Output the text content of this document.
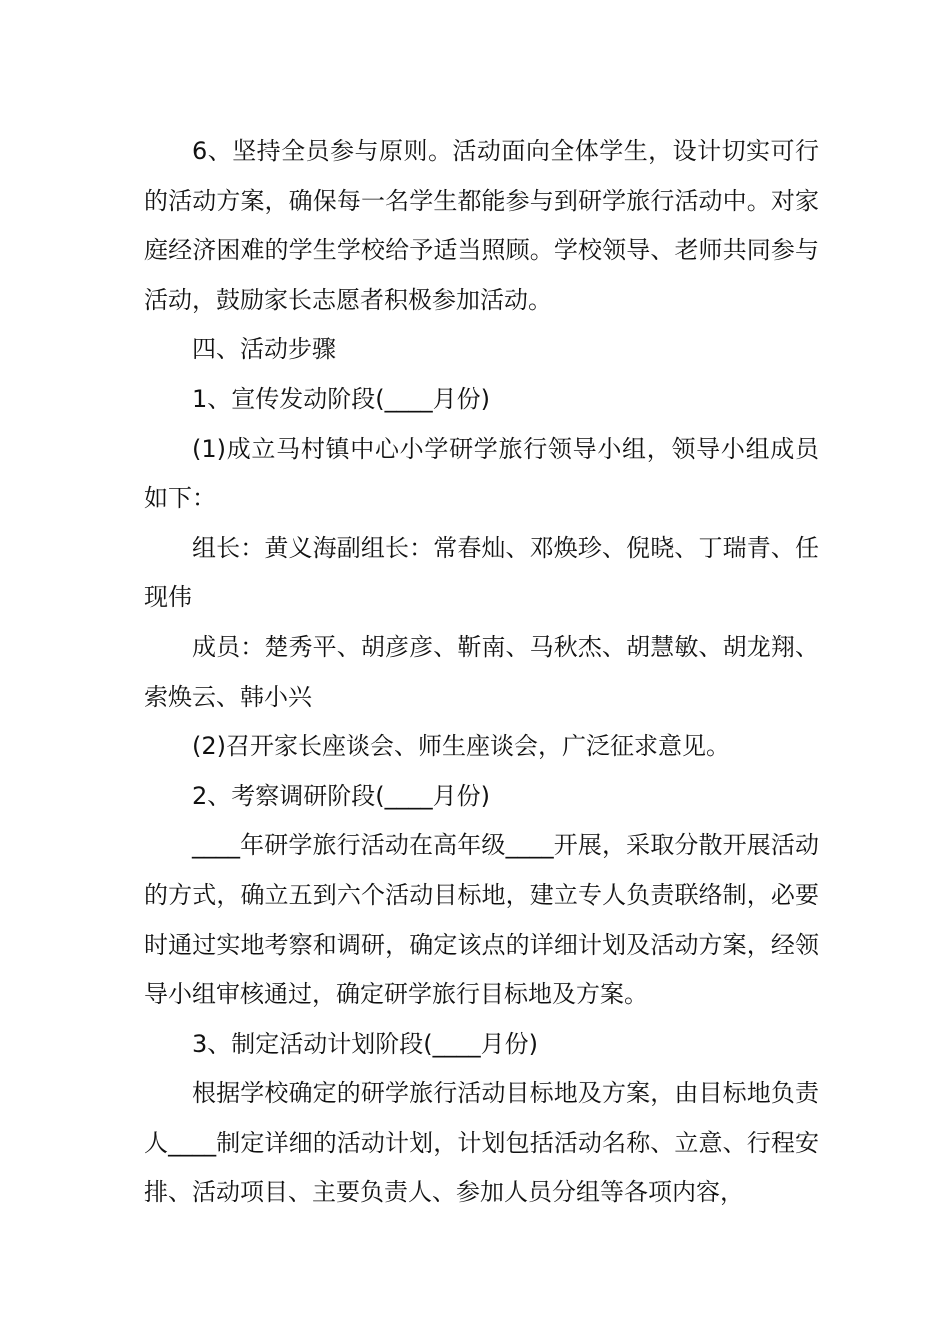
6、坚持全员参与原则。活动面向全体学生，设计切实可行的活动方案，确保每一名学生都能参与到研学旅行活动中。对家庭经济困难的学生学校给予适当照顾。学校领导、老师共同参与活动，鼓励家长志愿者积极参加活动。

四、活动步骤

1、宣传发动阶段(____月份)

(1)成立马村镇中心小学研学旅行领导小组，领导小组成员如下：

组长：黄义海副组长：常春灿、邓焕珍、倪晓、丁瑞青、任现伟

成员：楚秀平、胡彦彦、靳南、马秋杰、胡慧敏、胡龙翔、索焕云、韩小兴

(2)召开家长座谈会、师生座谈会，广泛征求意见。

2、考察调研阶段(____月份)

____年研学旅行活动在高年级____开展，采取分散开展活动的方式，确立五到六个活动目标地，建立专人负责联络制，必要时通过实地考察和调研，确定该点的详细计划及活动方案，经领导小组审核通过，确定研学旅行目标地及方案。

3、制定活动计划阶段(____月份)

根据学校确定的研学旅行活动目标地及方案，由目标地负责人____制定详细的活动计划，计划包括活动名称、立意、行程安排、活动项目、主要负责人、参加人员分组等各项内容，
